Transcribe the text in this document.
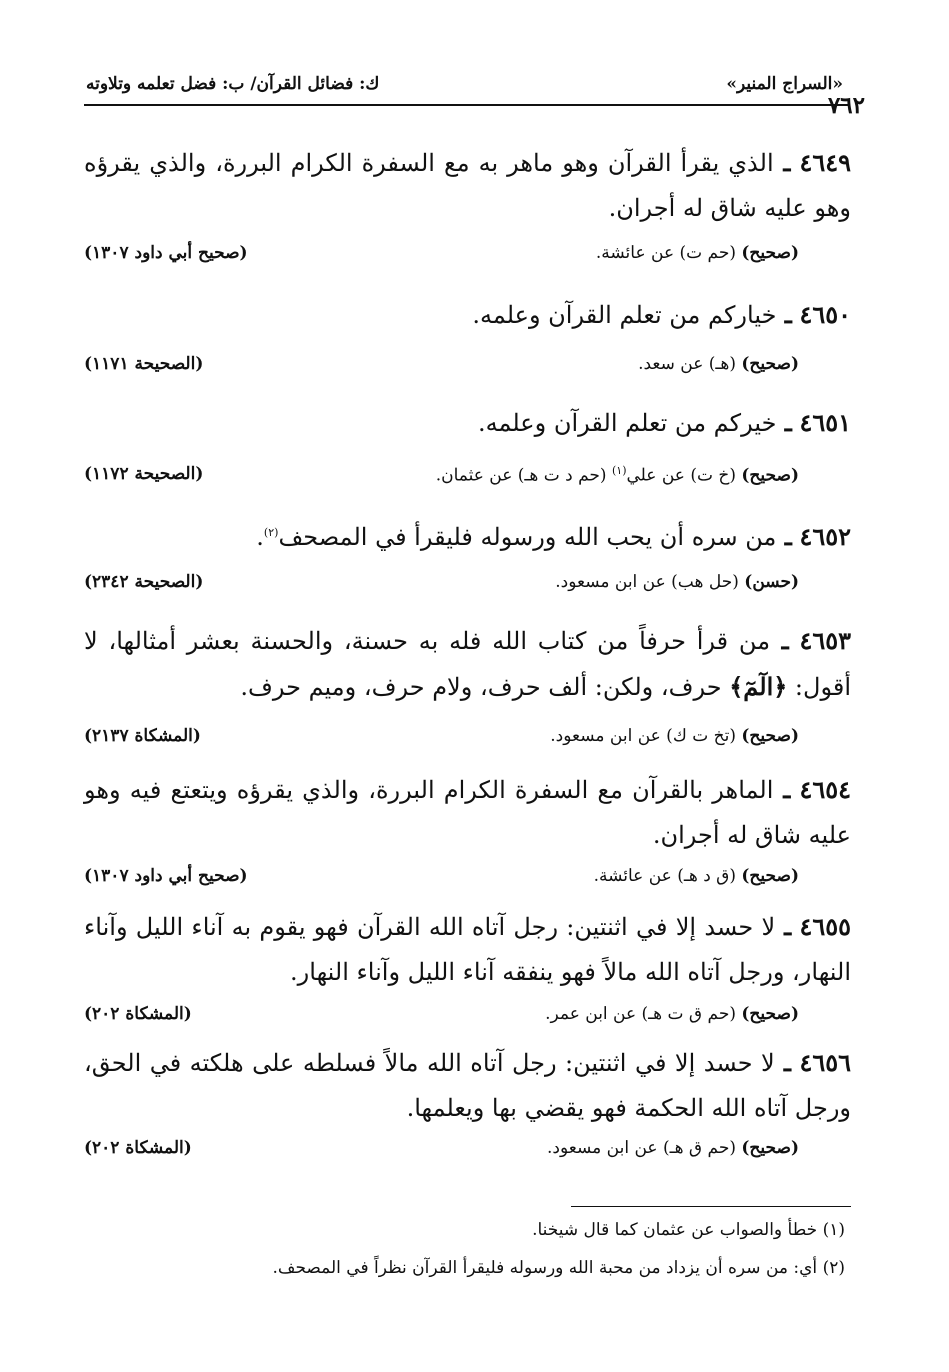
«السراج المنير»
ك: فضائل القرآن/ ب: فضل تعلمه وتلاوته
٧٦٢
٤٦٤٩ ـ الذي يقرأ القرآن وهو ماهر به مع السفرة الكرام البررة، والذي يقرؤه وهو عليه شاق له أجران.
(صحيح) (حم ت) عن عائشة.
(صحيح أبي داود ١٣٠٧)
٤٦٥٠ ـ خياركم من تعلم القرآن وعلمه.
(صحيح) (هـ) عن سعد.
(الصحيحة ١١٧١)
٤٦٥١ ـ خيركم من تعلم القرآن وعلمه.
(صحيح) (خ ت) عن علي$^{(١)}$ (حم د ت هـ) عن عثمان.
(الصحيحة ١١٧٢)
٤٦٥٢ ـ من سره أن يحب الله ورسوله فليقرأ في المصحف$^{(٢)}$.
(حسن) (حل هب) عن ابن مسعود.
(الصحيحة ٢٣٤٢)
٤٦٥٣ ـ من قرأ حرفاً من كتاب الله فله به حسنة، والحسنة بعشر أمثالها، لا أقول: ﴿الٓمٓ﴾ حرف، ولكن: ألف حرف، ولام حرف، وميم حرف.
(صحيح) (تخ ت ك) عن ابن مسعود.
(المشكاة ٢١٣٧)
٤٦٥٤ ـ الماهر بالقرآن مع السفرة الكرام البررة، والذي يقرؤه ويتعتع فيه وهو عليه شاق له أجران.
(صحيح) (ق د هـ) عن عائشة.
(صحيح أبي داود ١٣٠٧)
٤٦٥٥ ـ لا حسد إلا في اثنتين: رجل آتاه الله القرآن فهو يقوم به آناء الليل وآناء النهار، ورجل آتاه الله مالاً فهو ينفقه آناء الليل وآناء النهار.
(صحيح) (حم ق ت هـ) عن ابن عمر.
(المشكاة ٢٠٢)
٤٦٥٦ ـ لا حسد إلا في اثنتين: رجل آتاه الله مالاً فسلطه على هلكته في الحق، ورجل آتاه الله الحكمة فهو يقضي بها ويعلمها.
(صحيح) (حم ق هـ) عن ابن مسعود.
(المشكاة ٢٠٢)
(١) خطأ والصواب عن عثمان كما قال شيخنا.
(٢) أي: من سره أن يزداد من محبة الله ورسوله فليقرأ القرآن نظراً في المصحف.
